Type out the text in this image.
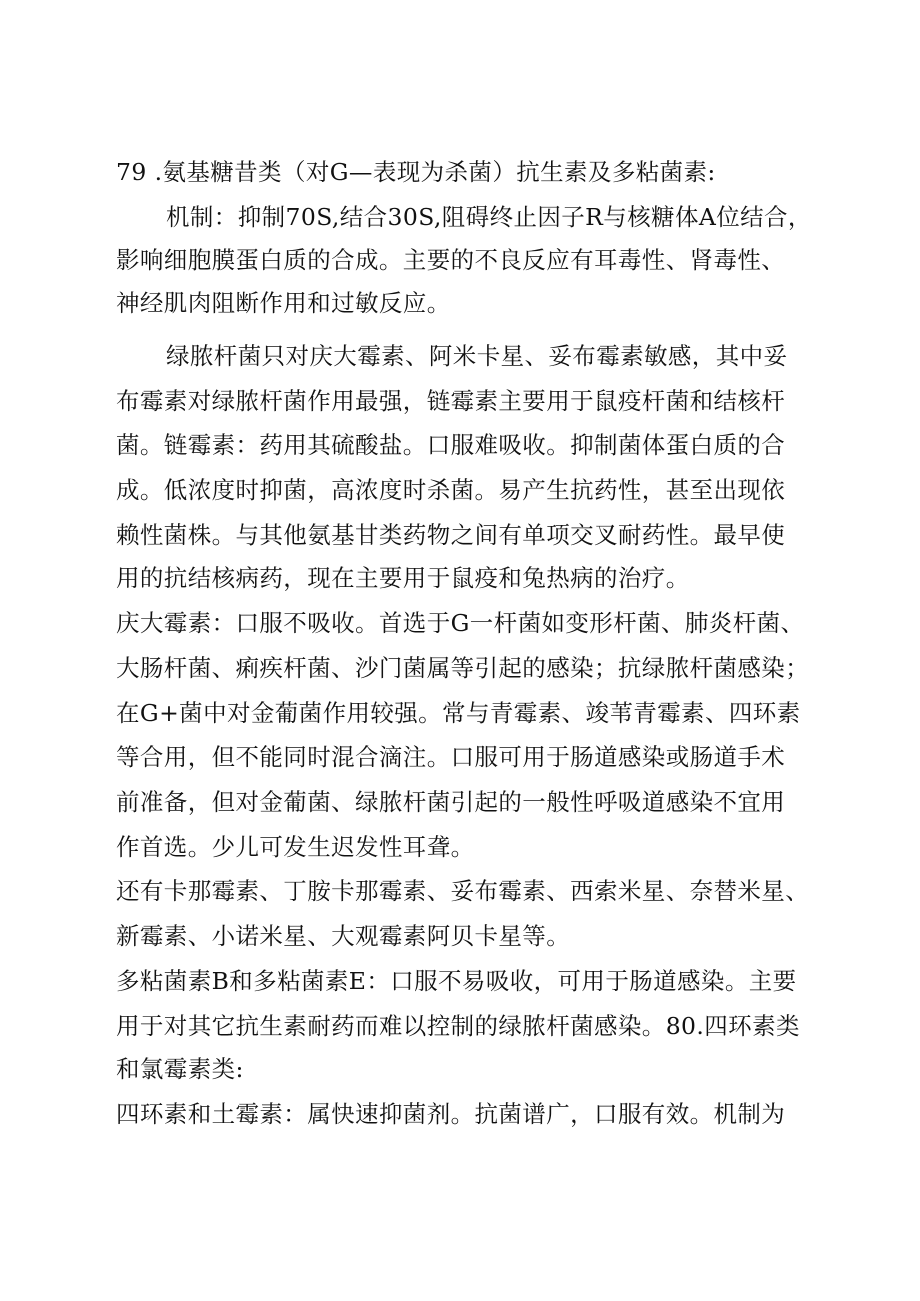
79 .氨基糖昔类（对G—表现为杀菌）抗生素及多粘菌素:
机制：抑制70S,结合30S,阻碍终止因子R与核糖体A位结合，
影响细胞膜蛋白质的合成。主要的不良反应有耳毒性、肾毒性、
神经肌肉阻断作用和过敏反应。
绿脓杆菌只对庆大霉素、阿米卡星、妥布霉素敏感，其中妥
布霉素对绿脓杆菌作用最强，链霉素主要用于鼠疫杆菌和结核杆
菌。链霉素：药用其硫酸盐。口服难吸收。抑制菌体蛋白质的合
成。低浓度时抑菌，高浓度时杀菌。易产生抗药性，甚至出现依
赖性菌株。与其他氨基甘类药物之间有单项交叉耐药性。最早使
用的抗结核病药，现在主要用于鼠疫和兔热病的治疗。
庆大霉素：口服不吸收。首选于G一杆菌如变形杆菌、肺炎杆菌、
大肠杆菌、痢疾杆菌、沙门菌属等引起的感染；抗绿脓杆菌感染；
在G+菌中对金葡菌作用较强。常与青霉素、竣苇青霉素、四环素
等合用，但不能同时混合滴注。口服可用于肠道感染或肠道手术
前准备，但对金葡菌、绿脓杆菌引起的一般性呼吸道感染不宜用
作首选。少儿可发生迟发性耳聋。
还有卡那霉素、丁胺卡那霉素、妥布霉素、西索米星、奈替米星、
新霉素、小诺米星、大观霉素阿贝卡星等。
多粘菌素B和多粘菌素E：口服不易吸收，可用于肠道感染。主要
用于对其它抗生素耐药而难以控制的绿脓杆菌感染。80.四环素类
和氯霉素类:
四环素和土霉素：属快速抑菌剂。抗菌谱广，口服有效。机制为
